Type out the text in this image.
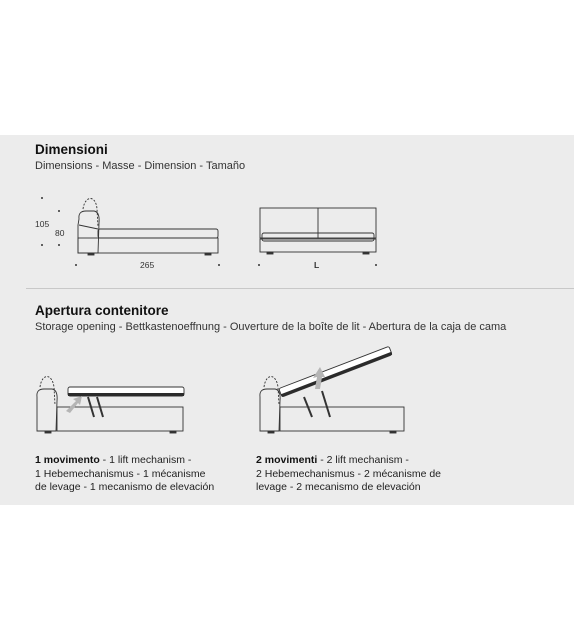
Dimensioni
Dimensions - Masse - Dimension - Tamaño
105
80
265	L
Apertura contenitore
Storage opening - Bettkastenoeffnung - Ouverture de la boîte de lit - Abertura de la caja de cama
1 movimento - 1 lift mechanism -
1 Hebemechanismus - 1 mécanisme
de levage - 1 mecanismo de elevación
2 movimenti - 2 lift mechanism -
2 Hebemechanismus - 2 mécanisme de
levage - 2 mecanismo de elevación
